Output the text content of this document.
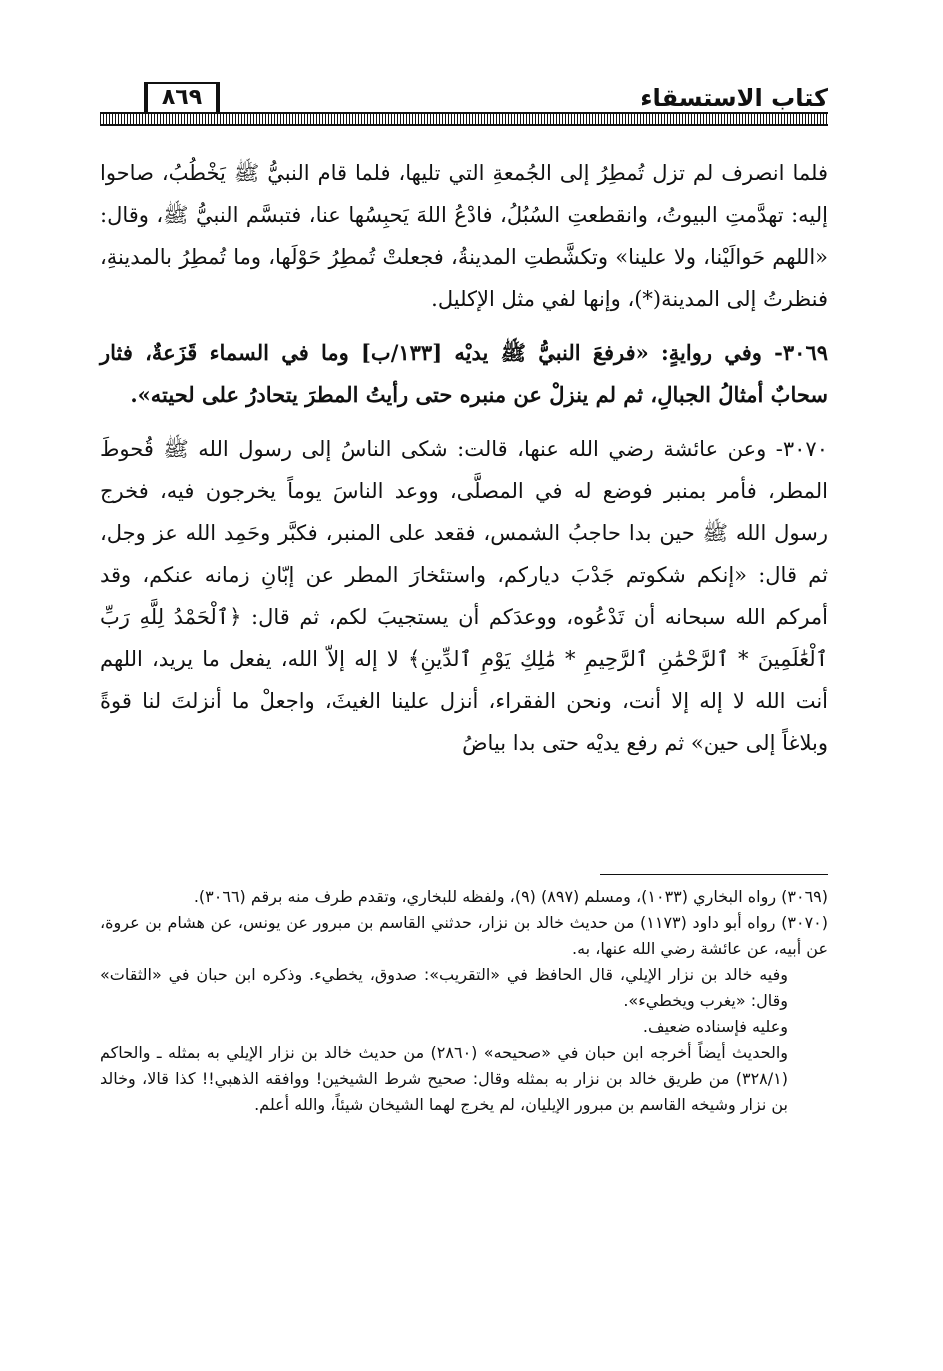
كتاب الاستسقاء
٨٦٩

فلما انصرف لم تزل تُمطِرُ إلى الجُمعةِ التي تليها، فلما قام النبيُّ ﷺ يَخْطُبُ، صاحوا إليه: تهدَّمتِ البيوتُ، وانقطعتِ السُبُلُ، فادْعُ اللهَ يَحبِسُها عنا، فتبسَّم النبيُّ ﷺ، وقال: «اللهم حَوالَيْنا، ولا علينا» وتكشَّطتِ المدينةُ، فجعلتْ تُمطِرُ حَوْلَها، وما تُمطِرُ بالمدينةِ، فنظرتُ إلى المدينة(*)، وإنها لفي مثل الإكليل.

٣٠٦٩- وفي روايةٍ: «فرفعَ النبيُّ ﷺ يديْه [١٣٣/ب] وما في السماء قَزَعةٌ، فثار سحابٌ أمثالُ الجبالِ، ثم لم ينزلْ عن منبره حتى رأيتُ المطرَ يتحادرُ على لحيته».

٣٠٧٠- وعن عائشة رضي الله عنها، قالت: شكى الناسُ إلى رسول الله ﷺ قُحوطَ المطر، فأمر بمنبر فوضع له في المصلَّى، ووعد الناسَ يوماً يخرجون فيه، فخرج رسول الله ﷺ حين بدا حاجبُ الشمس، فقعد على المنبر، فكبَّر وحَمِد الله عز وجل، ثم قال: «إنكم شكوتم جَدْبَ دياركم، واستئخارَ المطر عن إبّانِ زمانه عنكم، وقد أمركم الله سبحانه أن تَدْعُوه، ووعدَكم أن يستجيبَ لكم، ثم قال: ﴿ٱلْحَمْدُ لِلَّهِ رَبِّ ٱلْعَٰلَمِينَ * ٱلرَّحْمَٰنِ ٱلرَّحِيمِ * مَٰلِكِ يَوْمِ ٱلدِّينِ﴾ لا إله إلاّ الله، يفعل ما يريد، اللهم أنت الله لا إله إلا أنت، ونحن الفقراء، أنزل علينا الغيثَ، واجعلْ ما أنزلتَ لنا قوةً وبلاغاً إلى حين» ثم رفع يديْه حتى بدا بياضُ

(٣٠٦٩) رواه البخاري (١٠٣٣)، ومسلم (٨٩٧) (٩)، ولفظه للبخاري، وتقدم طرف منه برقم (٣٠٦٦).

(٣٠٧٠) رواه أبو داود (١١٧٣) من حديث خالد بن نزار، حدثني القاسم بن مبرور عن يونس، عن هشام بن عروة، عن أبيه، عن عائشة رضي الله عنها، به.

وفيه خالد بن نزار الإيلي، قال الحافظ في «التقريب»: صدوق، يخطيء. وذكره ابن حبان في «الثقات» وقال: «يغرب ويخطيء».

وعليه فإسناده ضعيف.

والحديث أيضاً أخرجه ابن حبان في «صحيحه» (٢٨٦٠) من حديث خالد بن نزار الإيلي به بمثله ـ والحاكم (٣٢٨/١) من طريق خالد بن نزار به بمثله وقال: صحيح شرط الشيخين! ووافقه الذهبي!! كذا قالا، وخالد بن نزار وشيخه القاسم بن مبرور الإيليان، لم يخرج لهما الشيخان شيئاً، والله أعلم.
